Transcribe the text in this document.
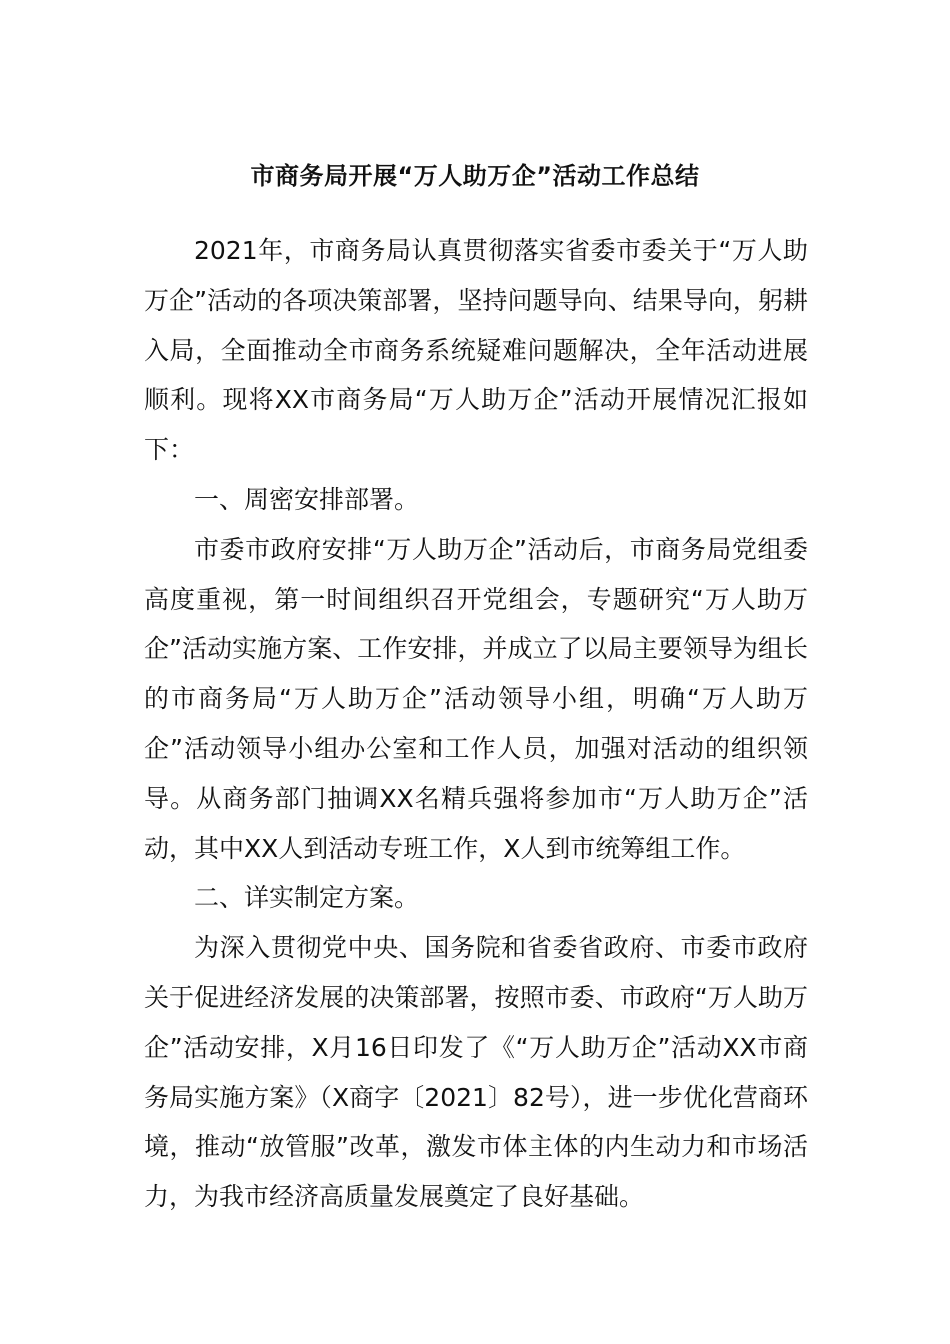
市商务局开展“万人助万企”活动工作总结

2021年，市商务局认真贯彻落实省委市委关于“万人助万企”活动的各项决策部署，坚持问题导向、结果导向，躬耕入局，全面推动全市商务系统疑难问题解决，全年活动进展顺利。现将XX市商务局“万人助万企”活动开展情况汇报如下：

一、周密安排部署。

市委市政府安排“万人助万企”活动后，市商务局党组委高度重视，第一时间组织召开党组会，专题研究“万人助万企”活动实施方案、工作安排，并成立了以局主要领导为组长的市商务局“万人助万企”活动领导小组，明确“万人助万企”活动领导小组办公室和工作人员，加强对活动的组织领导。从商务部门抽调XX名精兵强将参加市“万人助万企”活动，其中XX人到活动专班工作，X人到市统筹组工作。

二、详实制定方案。

为深入贯彻党中央、国务院和省委省政府、市委市政府关于促进经济发展的决策部署，按照市委、市政府“万人助万企”活动安排，X月16日印发了《“万人助万企”活动XX市商务局实施方案》（X商字〔2021〕82号），进一步优化营商环境，推动“放管服”改革，激发市体主体的内生动力和市场活力，为我市经济高质量发展奠定了良好基础。
